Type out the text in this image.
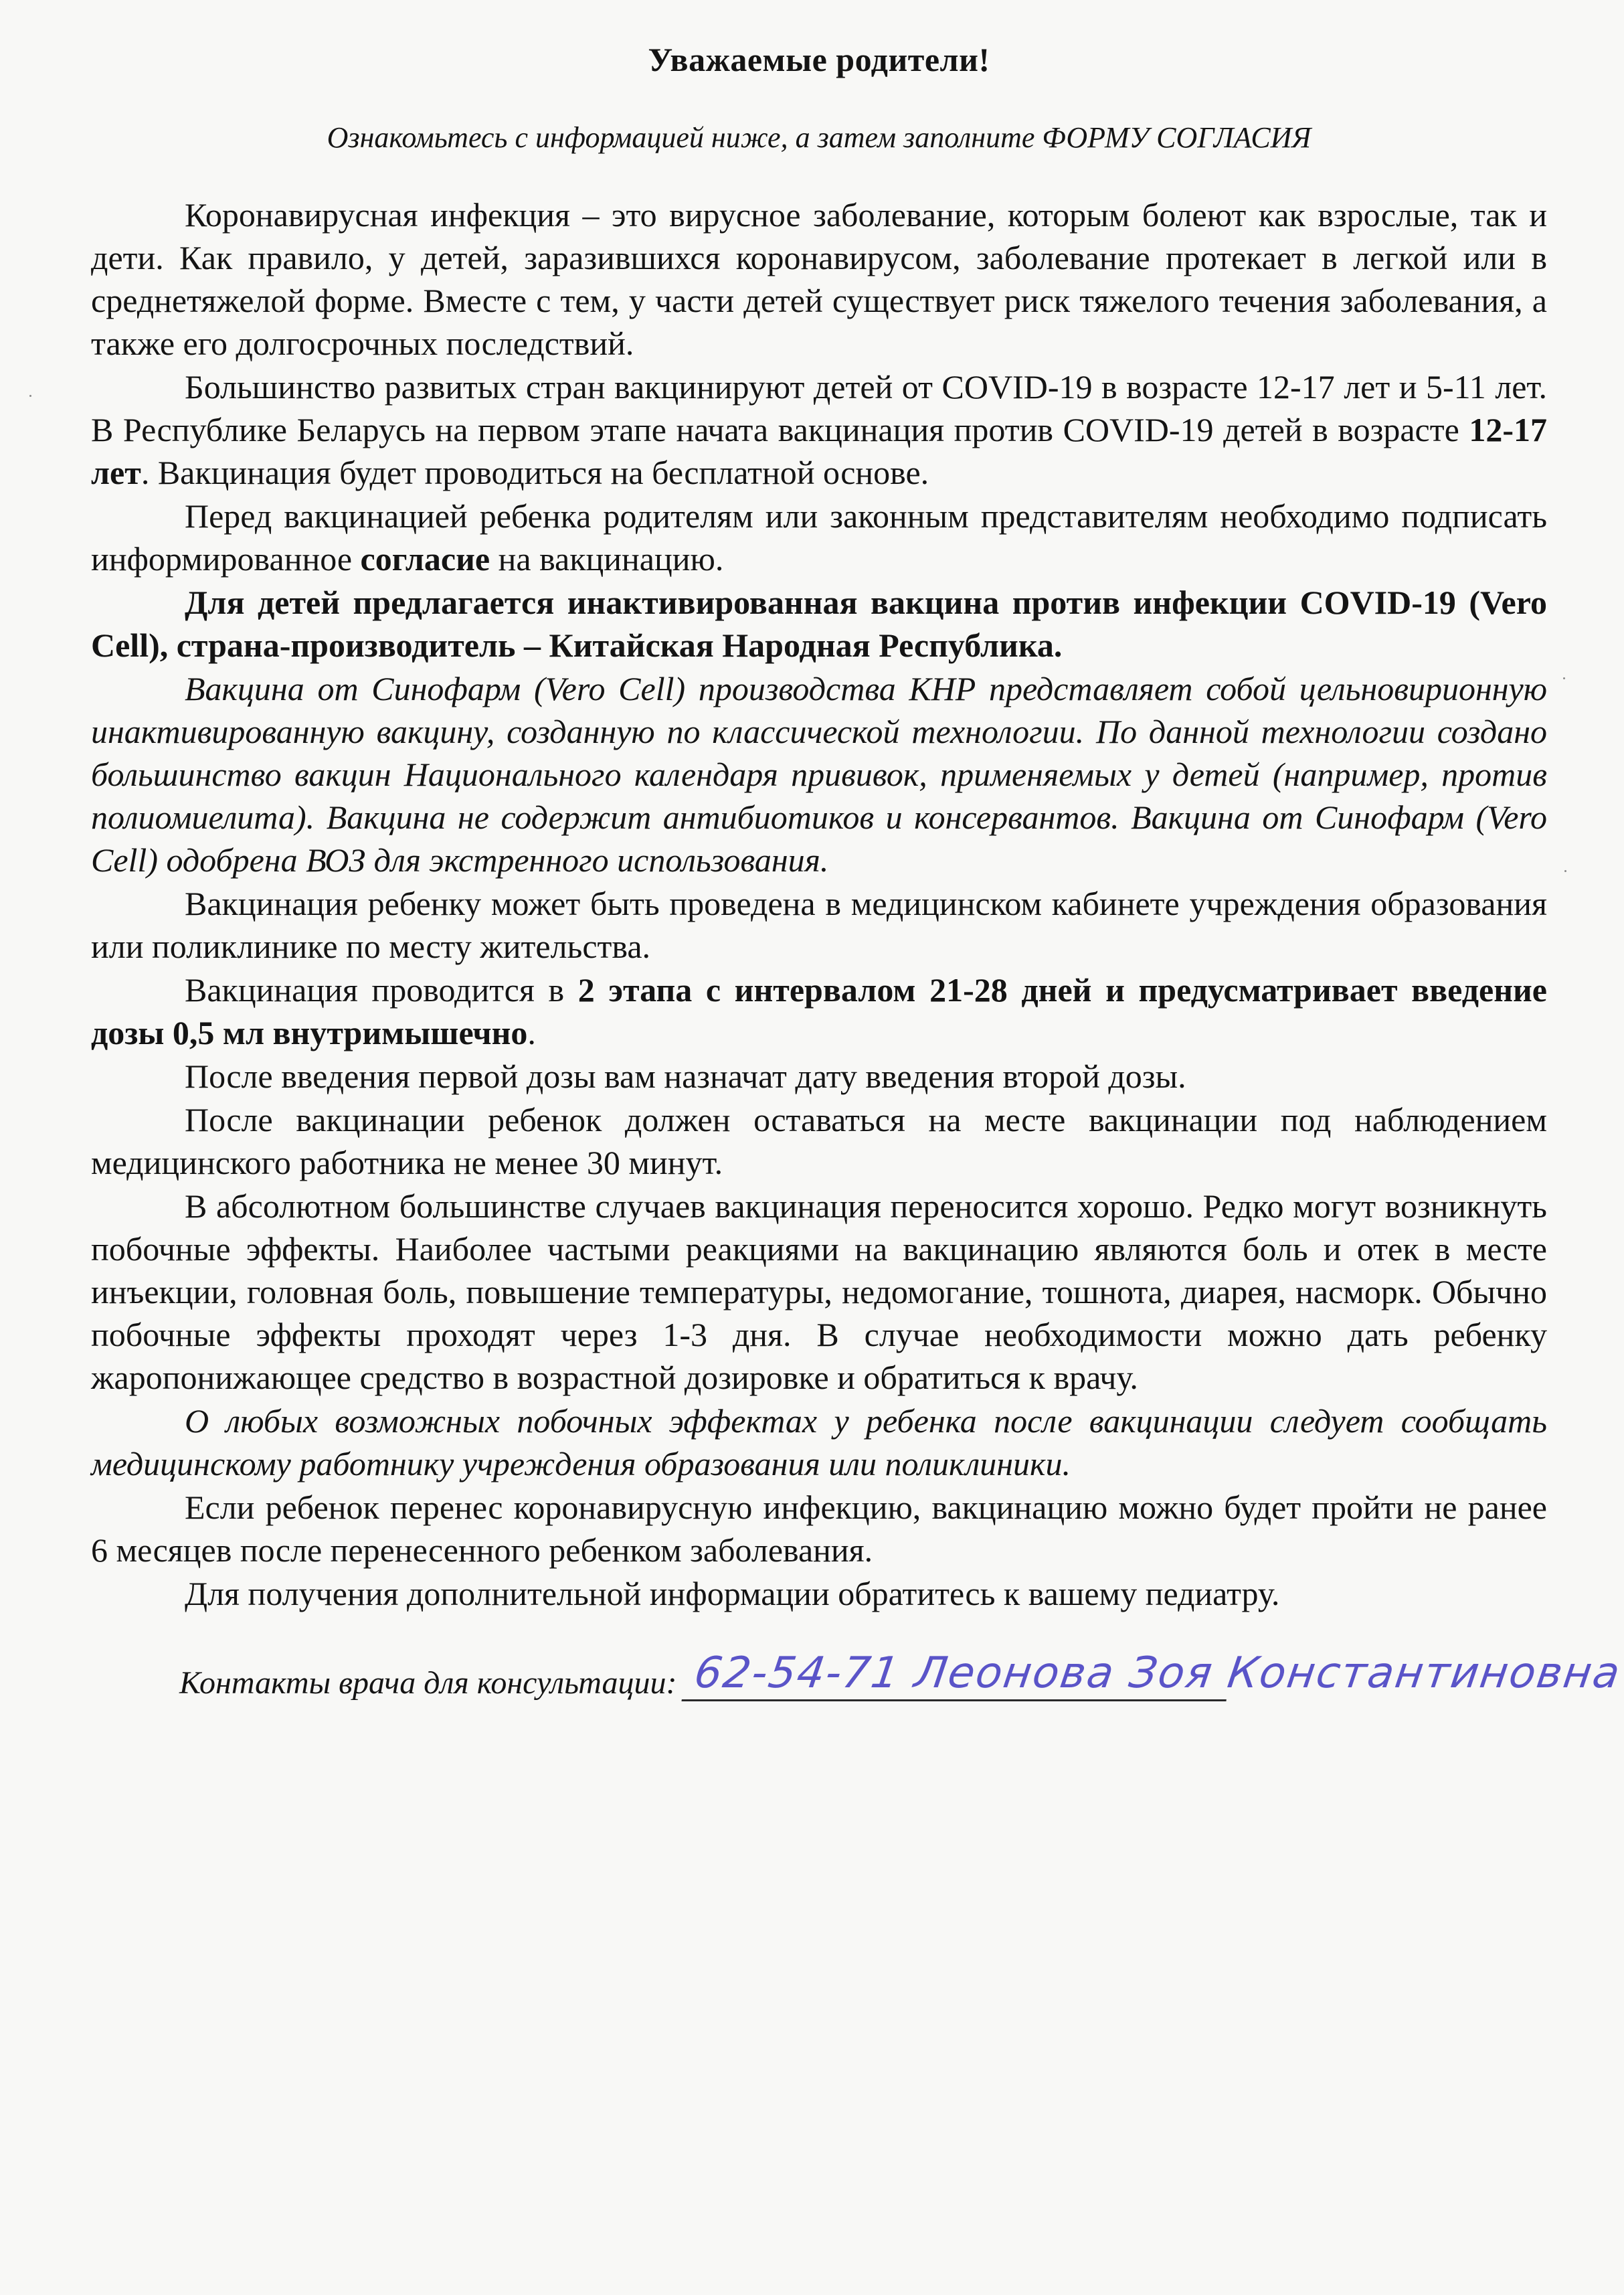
Уважаемые родители!
Ознакомьтесь с информацией ниже, а затем заполните ФОРМУ СОГЛАСИЯ
Коронавирусная инфекция – это вирусное заболевание, которым болеют как взрослые, так и дети. Как правило, у детей, заразившихся коронавирусом, заболевание протекает в легкой или в среднетяжелой форме. Вместе с тем, у части детей существует риск тяжелого течения заболевания, а также его долгосрочных последствий.
Большинство развитых стран вакцинируют детей от COVID-19 в возрасте 12-17 лет и 5-11 лет. В Республике Беларусь на первом этапе начата вакцинация против COVID-19 детей в возрасте 12-17 лет. Вакцинация будет проводиться на бесплатной основе.
Перед вакцинацией ребенка родителям или законным представителям необходимо подписать информированное согласие на вакцинацию.
Для детей предлагается инактивированная вакцина против инфекции COVID-19 (Vero Cell), страна-производитель – Китайская Народная Республика.
Вакцина от Синофарм (Vero Cell) производства КНР представляет собой цельновирионную инактивированную вакцину, созданную по классической технологии. По данной технологии создано большинство вакцин Национального календаря прививок, применяемых у детей (например, против полиомиелита). Вакцина не содержит антибиотиков и консервантов. Вакцина от Синофарм (Vero Cell) одобрена ВОЗ для экстренного использования.
Вакцинация ребенку может быть проведена в медицинском кабинете учреждения образования или поликлинике по месту жительства.
Вакцинация проводится в 2 этапа с интервалом 21-28 дней и предусматривает введение дозы 0,5 мл внутримышечно.
После введения первой дозы вам назначат дату введения второй дозы.
После вакцинации ребенок должен оставаться на месте вакцинации под наблюдением медицинского работника не менее 30 минут.
В абсолютном большинстве случаев вакцинация переносится хорошо. Редко могут возникнуть побочные эффекты. Наиболее частыми реакциями на вакцинацию являются боль и отек в месте инъекции, головная боль, повышение температуры, недомогание, тошнота, диарея, насморк. Обычно побочные эффекты проходят через 1-3 дня. В случае необходимости можно дать ребенку жаропонижающее средство в возрастной дозировке и обратиться к врачу.
О любых возможных побочных эффектах у ребенка после вакцинации следует сообщать медицинскому работнику учреждения образования или поликлиники.
Если ребенок перенес коронавирусную инфекцию, вакцинацию можно будет пройти не ранее 6 месяцев после перенесенного ребенком заболевания.
Для получения дополнительной информации обратитесь к вашему педиатру.
Контакты врача для консультации: 62-54-71 Леонова Зоя Константиновна
